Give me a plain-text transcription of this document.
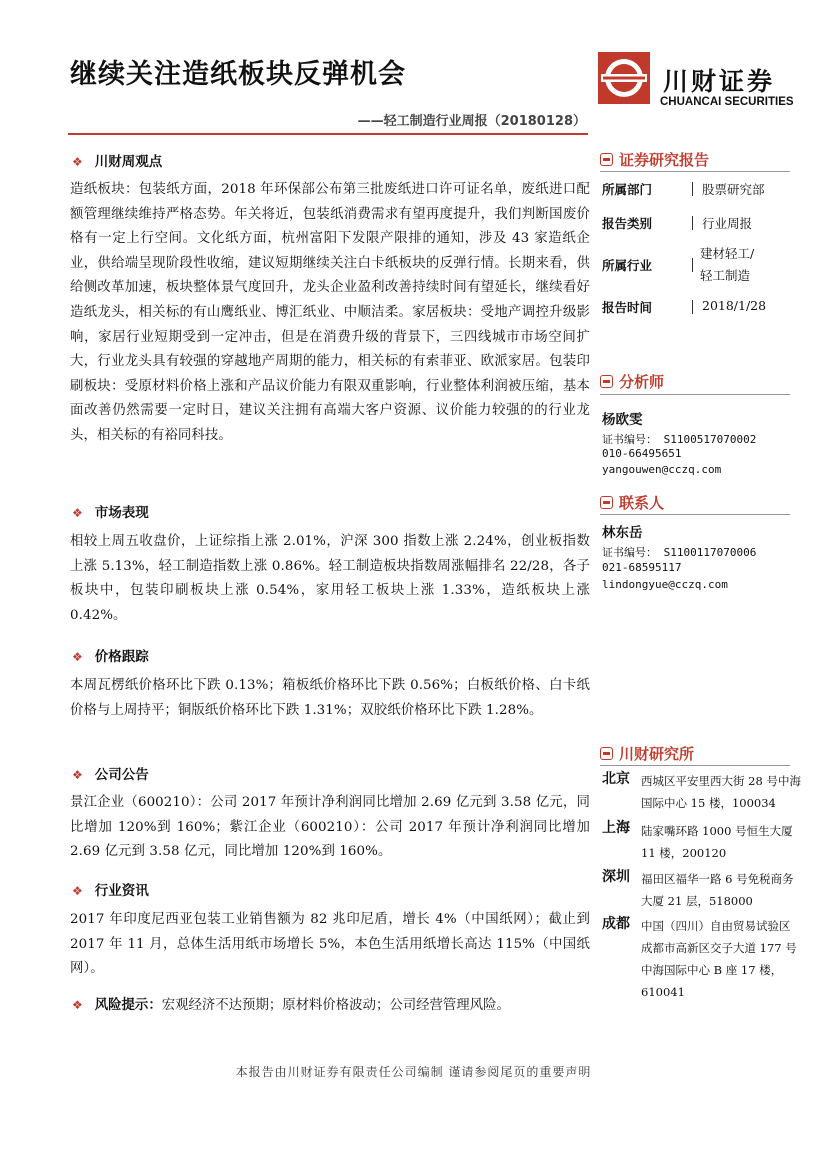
继续关注造纸板块反弹机会
——轻工制造行业周报（20180128）
川财证券
CHUANCAI SECURITIES
❖ 川财周观点
造纸板块：包装纸方面，2018 年环保部公布第三批废纸进口许可证名单，废纸进口配额管理继续维持严格态势。年关将近，包装纸消费需求有望再度提升，我们判断国废价格有一定上行空间。文化纸方面，杭州富阳下发限产限排的通知，涉及 43 家造纸企业，供给端呈现阶段性收缩，建议短期继续关注白卡纸板块的反弹行情。长期来看，供给侧改革加速，板块整体景气度回升，龙头企业盈利改善持续时间有望延长，继续看好造纸龙头，相关标的有山鹰纸业、博汇纸业、中顺洁柔。家居板块：受地产调控升级影响，家居行业短期受到一定冲击，但是在消费升级的背景下，三四线城市市场空间扩大，行业龙头具有较强的穿越地产周期的能力，相关标的有索菲亚、欧派家居。包装印刷板块：受原材料价格上涨和产品议价能力有限双重影响，行业整体利润被压缩，基本面改善仍然需要一定时日，建议关注拥有高端大客户资源、议价能力较强的的行业龙头，相关标的有裕同科技。
❖ 市场表现
相较上周五收盘价，上证综指上涨 2.01%，沪深 300 指数上涨 2.24%，创业板指数上涨 5.13%，轻工制造指数上涨 0.86%。轻工制造板块指数周涨幅排名 22/28，各子板块中，包装印刷板块上涨 0.54%，家用轻工板块上涨 1.33%，造纸板块上涨 0.42%。
❖ 价格跟踪
本周瓦楞纸价格环比下跌 0.13%；箱板纸价格环比下跌 0.56%；白板纸价格、白卡纸价格与上周持平；铜版纸价格环比下跌 1.31%；双胶纸价格环比下跌 1.28%。
❖ 公司公告
景江企业（600210）：公司 2017 年预计净利润同比增加 2.69 亿元到 3.58 亿元，同比增加 120%到 160%；紫江企业（600210）：公司 2017 年预计净利润同比增加 2.69 亿元到 3.58 亿元，同比增加 120%到 160%。
❖ 行业资讯
2017 年印度尼西亚包装工业销售额为 82 兆印尼盾，增长 4%（中国纸网）；截止到 2017 年 11 月，总体生活用纸市场增长 5%，本色生活用纸增长高达 115%（中国纸网）。
❖ 风险提示：宏观经济不达预期；原材料价格波动；公司经营管理风险。
证券研究报告
所属部门	股票研究部
报告类别	行业周报
所属行业
建材轻工/ 轻工制造
报告时间	2018/1/28
分析师
杨欧雯
证书编号： S1100517070002
010-66495651
yangouwen@cczq.com
联系人
林东岳
证书编号： S1100117070006
021-68595117
lindongyue@cczq.com
川财研究所
北京 西城区平安里西大街 28 号中海国际中心 15 楼，100034
上海 陆家嘴环路 1000 号恒生大厦 11 楼，200120
深圳 福田区福华一路 6 号免税商务大厦 21 层，518000
成都 中国（四川）自由贸易试验区成都市高新区交子大道 177 号中海国际中心 B 座 17 楼，610041
本报告由川财证券有限责任公司编制 谨请参阅尾页的重要声明
